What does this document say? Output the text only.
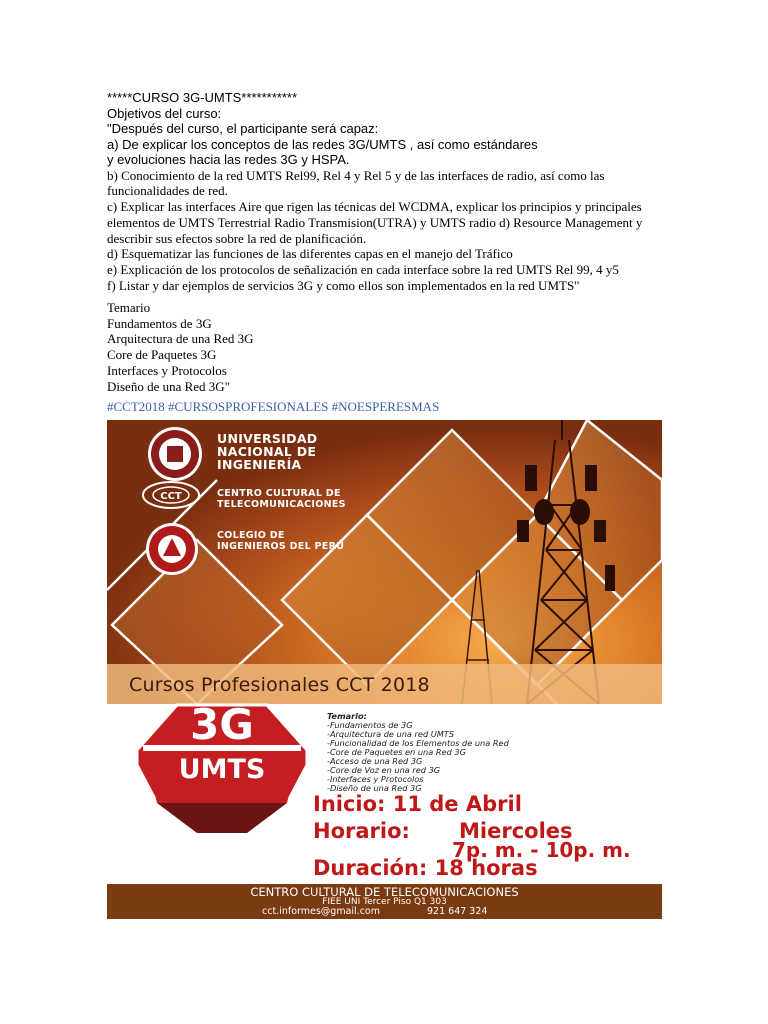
*****CURSO 3G-UMTS***********
Objetivos del curso:
"Después del curso, el participante será capaz:
a) De explicar los conceptos de las redes 3G/UMTS , así como estándares
y evoluciones hacia las redes 3G y HSPA.
b) Conocimiento de la red UMTS Rel99, Rel 4 y Rel 5 y de las interfaces de radio, así como las funcionalidades de red.
c) Explicar las interfaces Aire que rigen las técnicas del WCDMA, explicar los principios y principales elementos de UMTS Terrestrial Radio Transmision(UTRA) y UMTS radio d) Resource Management y describir sus efectos sobre la red de planificación.
d) Esquematizar las funciones de las diferentes capas en el manejo del Tráfico
e) Explicación de los protocolos de señalización en cada interface sobre la red UMTS Rel 99, 4 y5
f) Listar y dar ejemplos de servicios 3G y como ellos son implementados en la red UMTS"
Temario
Fundamentos de 3G
Arquitectura de una Red 3G
Core de Paquetes 3G
Interfaces y Protocolos
Diseño de una Red 3G"
#CCT2018 #CURSOSPROFESIONALES #NOESPERESMAS
UNIVERSIDAD
NACIONAL DE
INGENIERÍA
CCT	CENTRO CULTURAL DE
TELECOMUNICACIONES
COLEGIO DE
INGENIEROS DEL PERÚ
Cursos Profesionales CCT 2018
3G
UMTS
Temario:
-Fundamentos de 3G
-Arquitectura de una red UMTS
-Funcionalidad de los Elementos de una Red
-Core de Paquetes en una Red 3G
-Acceso de una Red 3G
-Core de Voz en una red 3G
-Interfaces y Protocolos
-Diseño de una Red 3G
Inicio: 11 de Abril
Horario: Miercoles
7p. m. - 10p. m.
Duración: 18 horas
CENTRO CULTURAL DE TELECOMUNICACIONES
FIEE UNI Tercer Piso Q1 303
cct.informes@gmail.com	921 647 324
